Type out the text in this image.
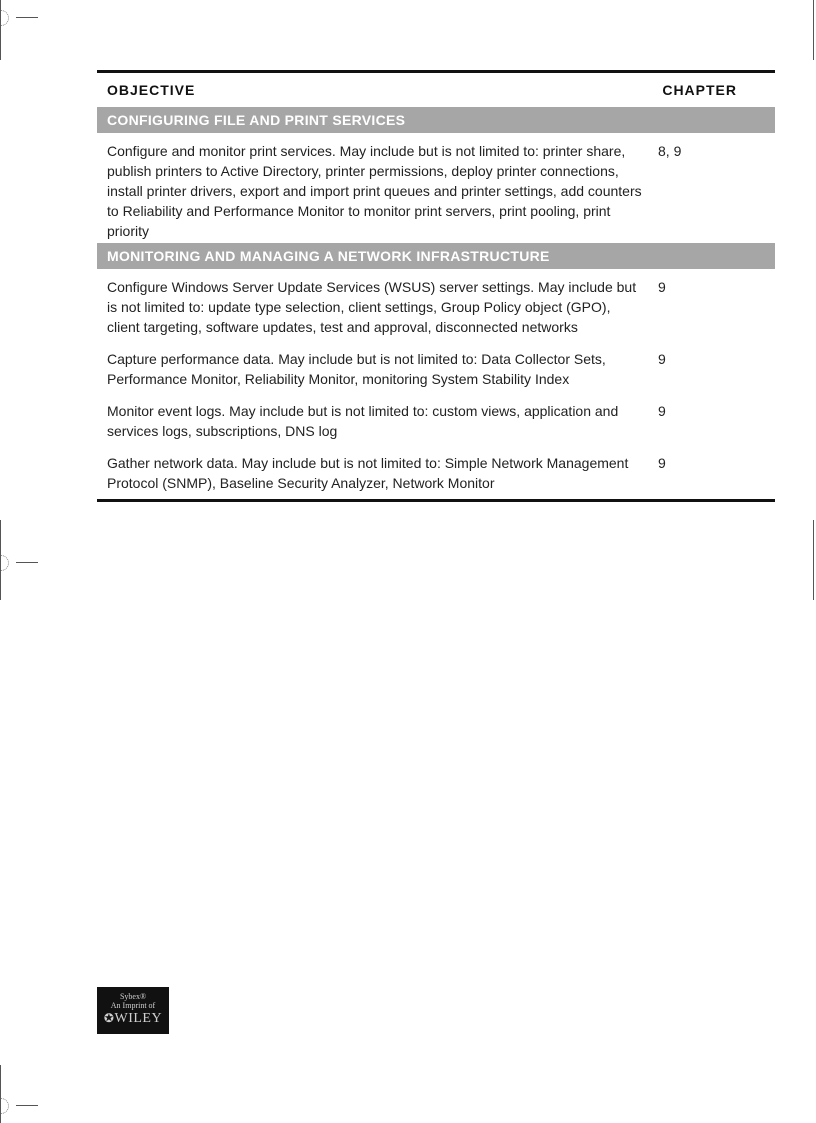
OBJECTIVE	CHAPTER
CONFIGURING FILE AND PRINT SERVICES
Configure and monitor print services. May include but is not limited to: printer share, publish printers to Active Directory, printer permissions, deploy printer connections, install printer drivers, export and import print queues and printer settings, add counters to Reliability and Performance Monitor to monitor print servers, print pooling, print priority
8, 9
MONITORING AND MANAGING A NETWORK INFRASTRUCTURE
Configure Windows Server Update Services (WSUS) server settings. May include but is not limited to: update type selection, client settings, Group Policy object (GPO), client targeting, software updates, test and approval, disconnected networks
9
Capture performance data. May include but is not limited to: Data Collector Sets, Performance Monitor, Reliability Monitor, monitoring System Stability Index
9
Monitor event logs. May include but is not limited to: custom views, application and services logs, subscriptions, DNS log
9
Gather network data. May include but is not limited to: Simple Network Management Protocol (SNMP), Baseline Security Analyzer, Network Monitor
9
Sybex®
An Imprint of
✪WILEY
